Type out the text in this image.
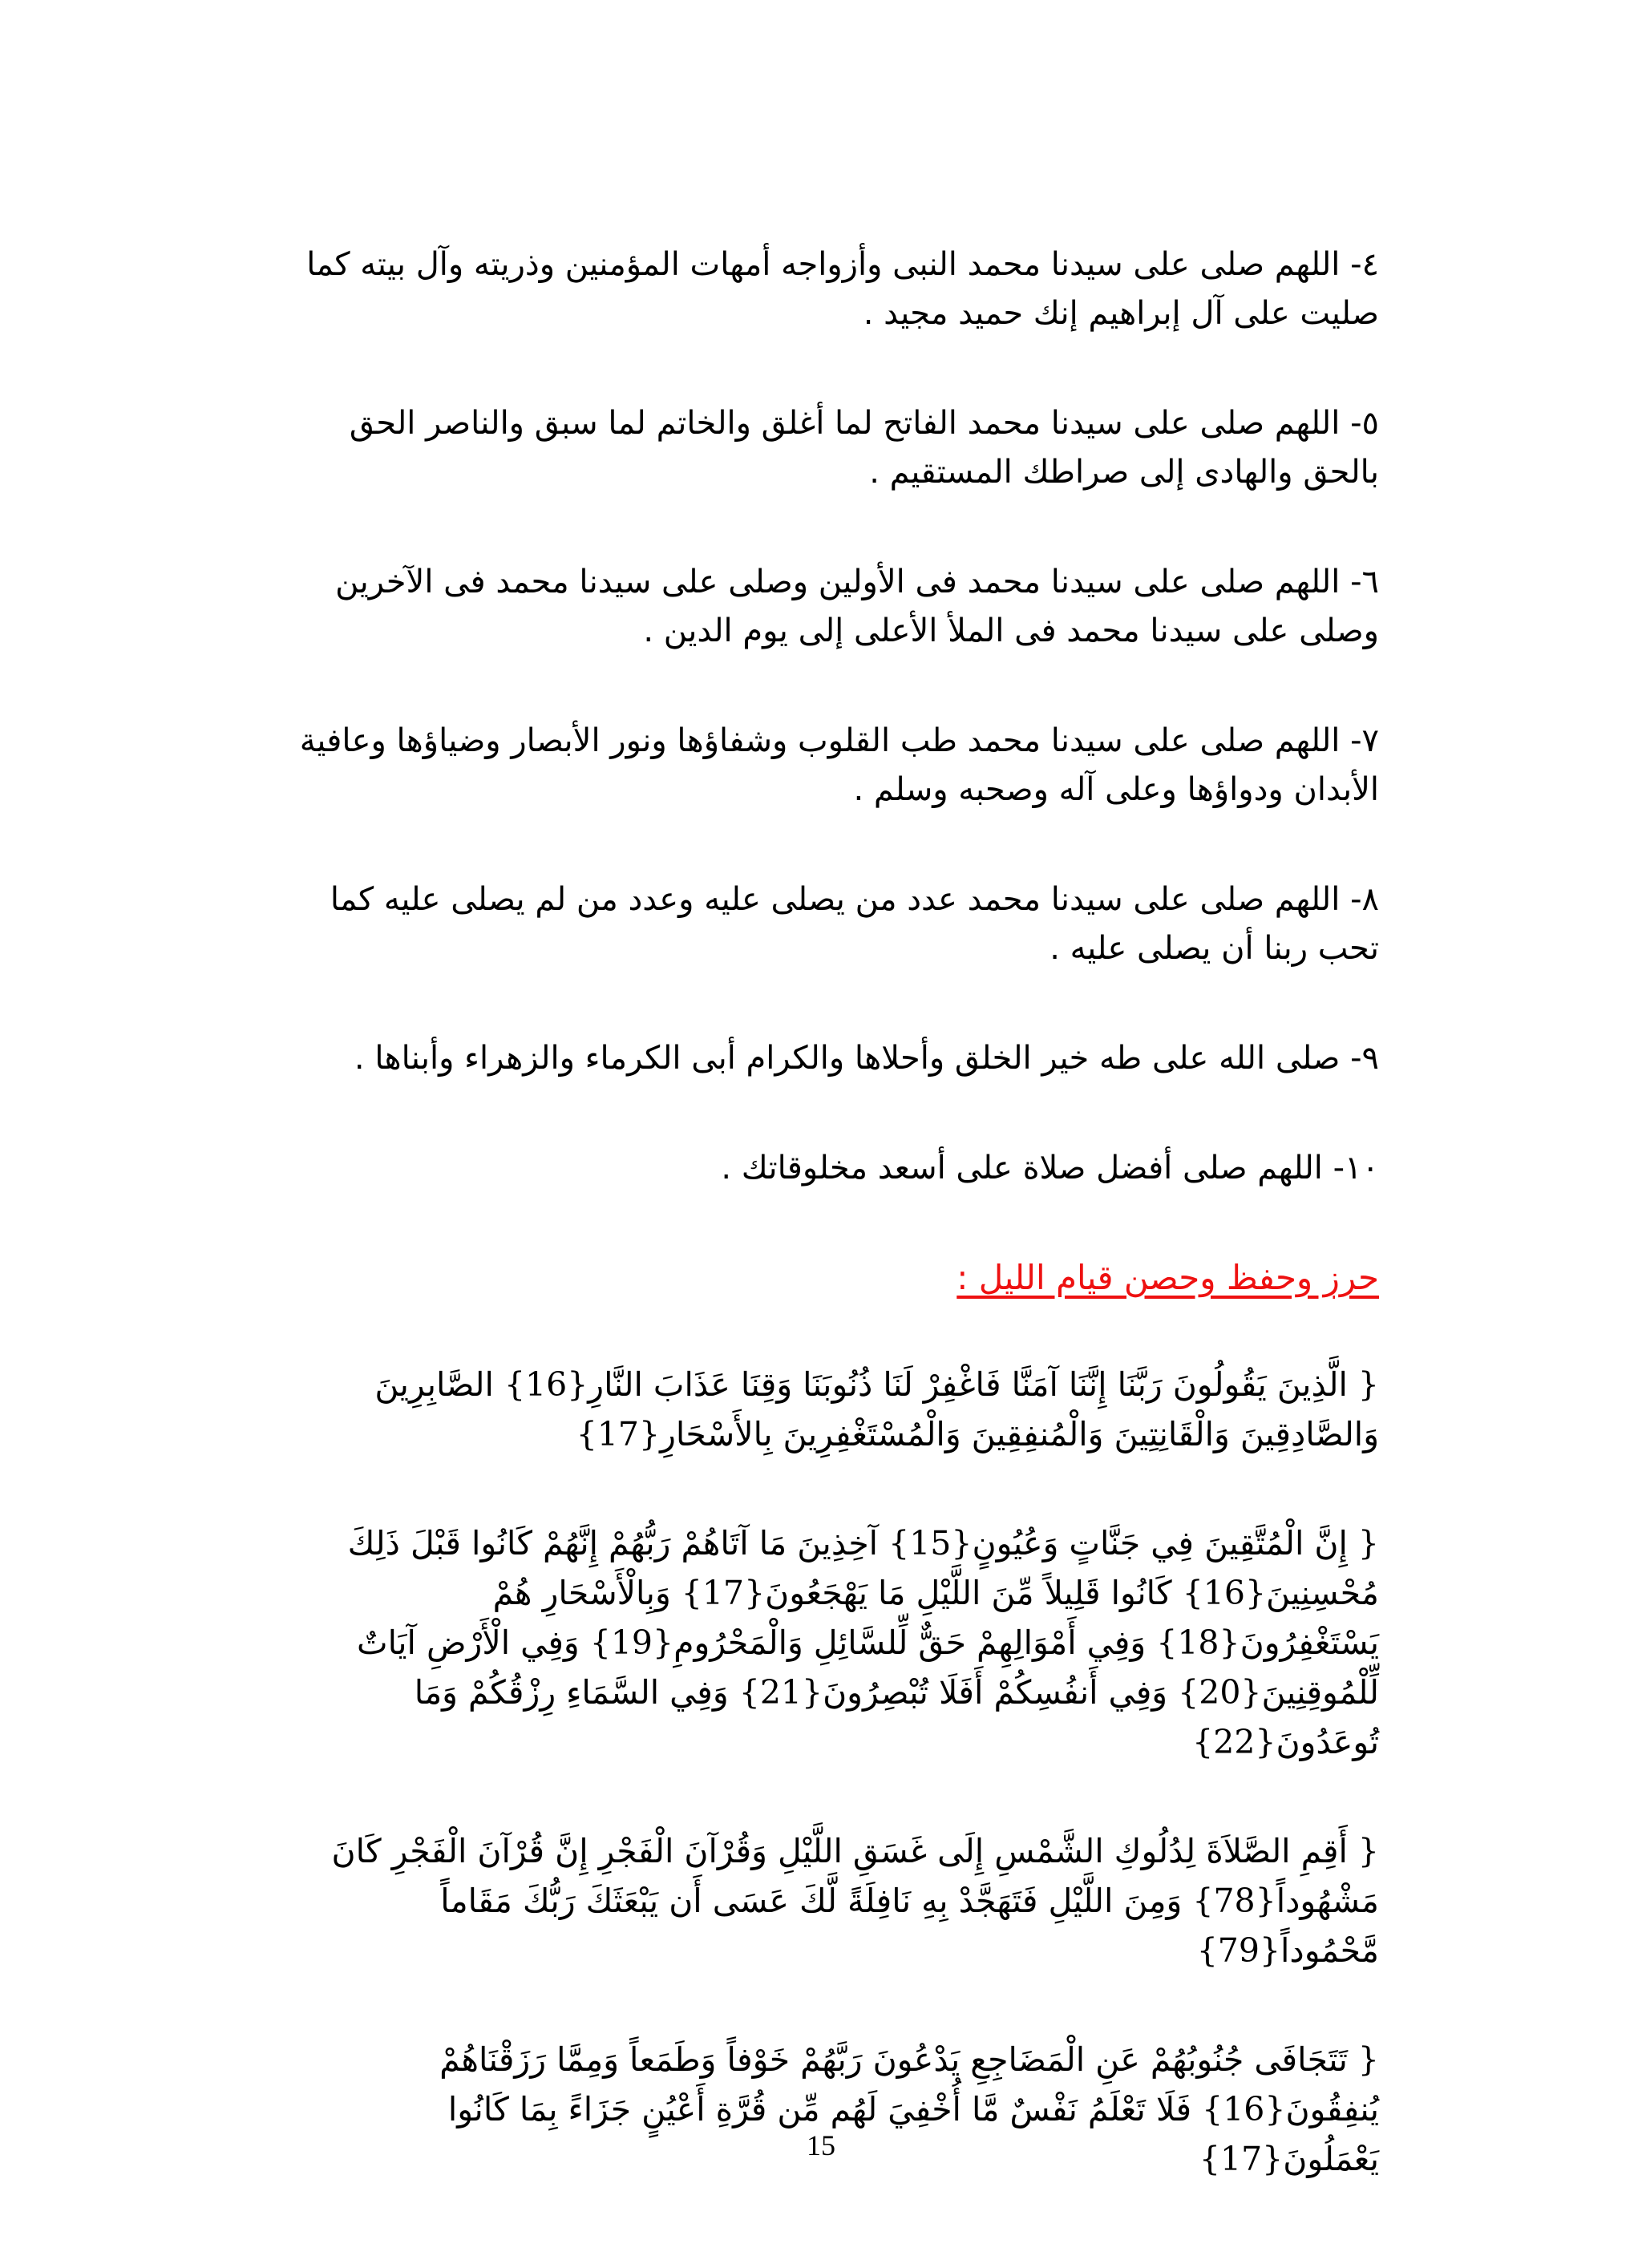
٤- اللهم صلى على سيدنا محمد النبى وأزواجه أمهات المؤمنين وذريته وآل بيته كما صليت على آل إبراهيم إنك حميد مجيد .

٥- اللهم صلى على سيدنا محمد الفاتح لما أغلق والخاتم لما سبق والناصر الحق بالحق والهادى إلى صراطك المستقيم .

٦- اللهم صلى على سيدنا محمد فى الأولين وصلى على سيدنا محمد فى الآخرين وصلى على سيدنا محمد فى الملأ الأعلى إلى يوم الدين .

٧- اللهم صلى على سيدنا محمد طب القلوب وشفاؤها ونور الأبصار وضياؤها وعافية الأبدان ودواؤها وعلى آله وصحبه وسلم .

٨- اللهم صلى على سيدنا محمد عدد من يصلى عليه وعدد من لم يصلى عليه كما تحب ربنا أن يصلى عليه .

٩- صلى الله على طه خير الخلق وأحلاها والكرام أبى الكرماء والزهراء وأبناها .

١٠- اللهم صلى أفضل صلاة على أسعد مخلوقاتك .

حرز وحفظ وحصن قيام الليل :

{ الَّذِينَ يَقُولُونَ رَبَّنَا إِنَّنَا آمَنَّا فَاغْفِرْ لَنَا ذُنُوبَنَا وَقِنَا عَذَابَ النَّارِ{16} الصَّابِرِينَ وَالصَّادِقِينَ وَالْقَانِتِينَ وَالْمُنفِقِينَ وَالْمُسْتَغْفِرِينَ بِالأَسْحَارِ{17}

{ إِنَّ الْمُتَّقِينَ فِي جَنَّاتٍ وَعُيُونٍ{15} آخِذِينَ مَا آتَاهُمْ رَبُّهُمْ إِنَّهُمْ كَانُوا قَبْلَ ذَلِكَ مُحْسِنِينَ{16} كَانُوا قَلِيلاً مِّنَ اللَّيْلِ مَا يَهْجَعُونَ{17} وَبِالْأَسْحَارِ هُمْ يَسْتَغْفِرُونَ{18} وَفِي أَمْوَالِهِمْ حَقٌّ لِّلسَّائِلِ وَالْمَحْرُومِ{19} وَفِي الْأَرْضِ آيَاتٌ لِّلْمُوقِنِينَ{20} وَفِي أَنفُسِكُمْ أَفَلَا تُبْصِرُونَ{21} وَفِي السَّمَاءِ رِزْقُكُمْ وَمَا تُوعَدُونَ{22}

{ أَقِمِ الصَّلاَةَ لِدُلُوكِ الشَّمْسِ إِلَى غَسَقِ اللَّيْلِ وَقُرْآنَ الْفَجْرِ إِنَّ قُرْآنَ الْفَجْرِ كَانَ مَشْهُوداً{78} وَمِنَ اللَّيْلِ فَتَهَجَّدْ بِهِ نَافِلَةً لَّكَ عَسَى أَن يَبْعَثَكَ رَبُّكَ مَقَاماً مَّحْمُوداً{79}

{ تَتَجَافَى جُنُوبُهُمْ عَنِ الْمَضَاجِعِ يَدْعُونَ رَبَّهُمْ خَوْفاً وَطَمَعاً وَمِمَّا رَزَقْنَاهُمْ يُنفِقُونَ{16} فَلَا تَعْلَمُ نَفْسٌ مَّا أُخْفِيَ لَهُم مِّن قُرَّةِ أَعْيُنٍ جَزَاءً بِمَا كَانُوا يَعْمَلُونَ{17}

15
